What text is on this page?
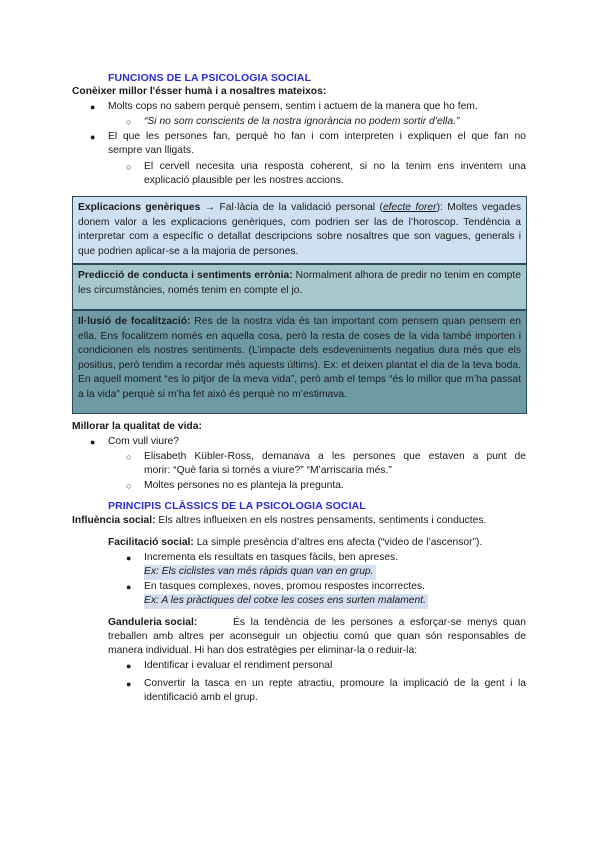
FUNCIONS DE LA PSICOLOGIA SOCIAL
Conèixer millor l'ésser humà i a nosaltres mateixos:
● Molts cops no sabem perquè pensem, sentim i actuem de la manera que ho fem.
○ “Si no som conscients de la nostra ignorància no podem sortir d’ella.”
● El que les persones fan, perquè ho fan i com interpreten i expliquen el que fan no
sempre van lligats.
○ El cervell necesita una resposta coherent, si no la tenim ens inventem una
explicació plausible per les nostres accions.
Explicacions genèriques → Fal·làcia de la validació personal (efecte forer): Moltes vegades donem valor a les explicacions genèriques, com podrien ser las de l’horoscop. Tendència a interpretar com a específic o detallat descripcions sobre nosaltres que son vagues, generals i que podrien aplicar-se a la majoria de persones.
Predicció de conducta i sentiments errònia: Normalment alhora de predir no tenim en compte les circumstàncies, només tenim en compte el jo.
Il·lusió de focalització: Res de la nostra vida és tan important com pensem quan pensem en ella. Ens focalitzem només en aquella cosa, però la resta de coses de la vida també importen i condicionen els nostres sentiments. (L’impacte dels esdeveniments negatius dura més que els positius, però tendim a recordar més aquests últims). Ex: et deixen plantat el dia de la teva boda. En aquell moment “es lo pitjor de la meva vida”, però amb el temps “és lo millor que m’ha passat a la vida” perquè si m’ha fet això és perquè no m’estimava.
Millorar la qualitat de vida:
● Com vull viure?
○ Elisabeth Kübler-Ross, demanava a les persones que estaven a punt de
morir: “Què faria si tornés a viure?” “M’arriscaria més.”
○ Moltes persones no es planteja la pregunta.
PRINCIPIS CLÀSSICS DE LA PSICOLOGIA SOCIAL
Influència social: Els altres influeixen en els nostres pensaments, sentiments i conductes.
Facilitació social: La simple presència d’altres ens afecta (“video de l’ascensor”).
● Incrementa els resultats en tasques fàcils, ben apreses.
Ex: Els ciclistes van més ràpids quan van en grup.
● En tasques complexes, noves, promou respostes incorrectes.
Ex: A les pràctiques del cotxe les coses ens surten malament.
Ganduleria social:	És la tendència de les persones a esforçar-se menys quan
treballen amb altres per aconseguir un objectiu comú que quan són responsables de
manera individual. Hi han dos estratègies per eliminar-la o reduir-la:
● Identificar i evaluar el rendiment personal
● Convertir la tasca en un repte atractiu, promoure la implicació de la gent i la
identificació amb el grup.
